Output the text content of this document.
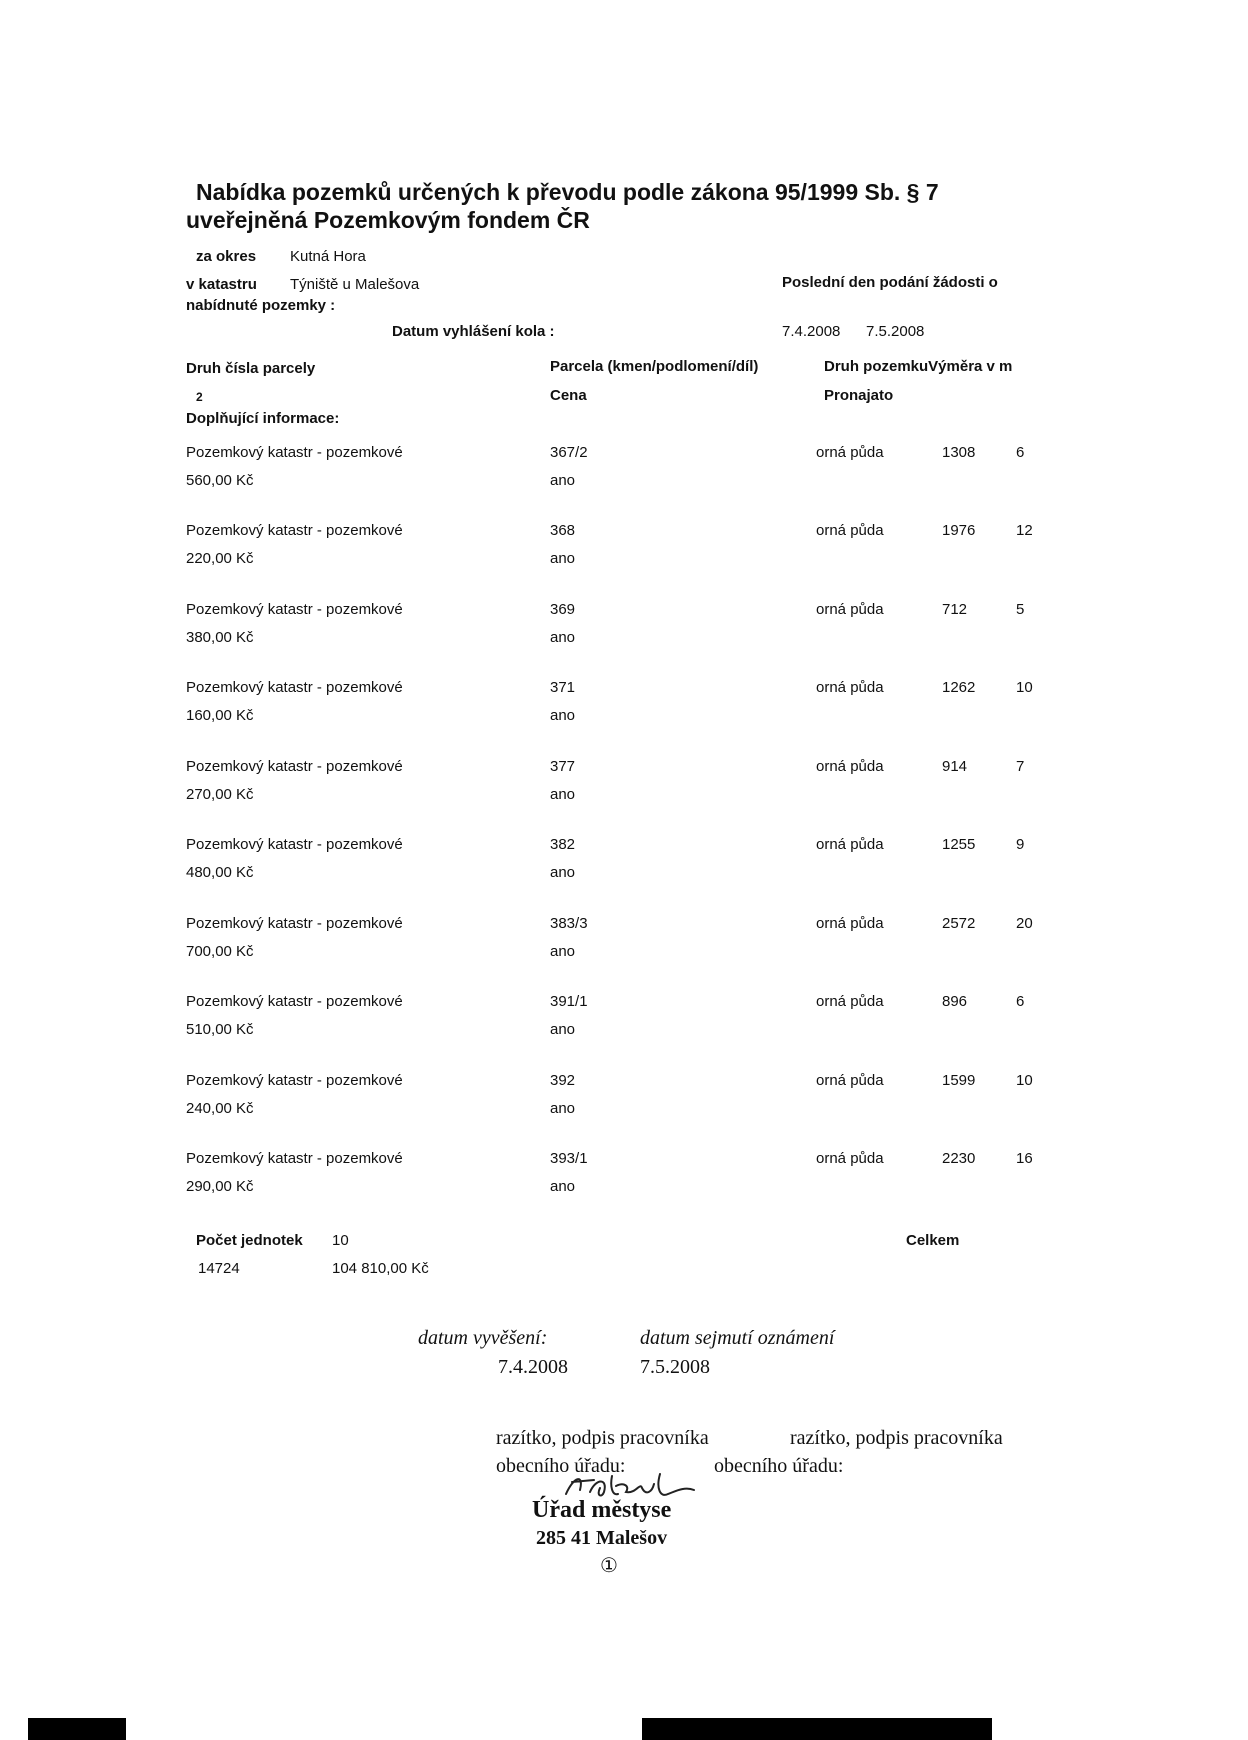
Nabídka pozemků určených k převodu podle zákona 95/1999 Sb. § 7
uveřejněná Pozemkovým fondem ČR
za okres Kutná Hora
v katastru Týniště u Malešova	Poslední den podání žádosti o
nabídnuté pozemky :
Datum vyhlášení kola :	7.4.2008 7.5.2008
Druh čísla parcely	Parcela (kmen/podlomení/díl)	Druh pozemkuVýměra v m
2	Cena	Pronajato
Doplňující informace:
Pozemkový katastr - pozemkové	367/2	orná půda	1308	6
560,00 Kč	ano
Pozemkový katastr - pozemkové	368	orná půda	1976	12
220,00 Kč	ano
Pozemkový katastr - pozemkové	369	orná půda	712	5
380,00 Kč	ano
Pozemkový katastr - pozemkové	371	orná půda	1262	10
160,00 Kč	ano
Pozemkový katastr - pozemkové	377	orná půda	914	7
270,00 Kč	ano
Pozemkový katastr - pozemkové	382	orná půda	1255	9
480,00 Kč	ano
Pozemkový katastr - pozemkové	383/3	orná půda	2572	20
700,00 Kč	ano
Pozemkový katastr - pozemkové	391/1	orná půda	896	6
510,00 Kč	ano
Pozemkový katastr - pozemkové	392	orná půda	1599	10
240,00 Kč	ano
Pozemkový katastr - pozemkové	393/1	orná půda	2230	16
290,00 Kč	ano
Počet jednotek 10	Celkem
14724	104 810,00 Kč
datum vyvěšení:	datum sejmutí oznámení
7.4.2008	7.5.2008
razítko, podpis pracovníka	razítko, podpis pracovníka
obecního úřadu:	obecního úřadu:
Úřad městyse
285 41 Malešov
①
